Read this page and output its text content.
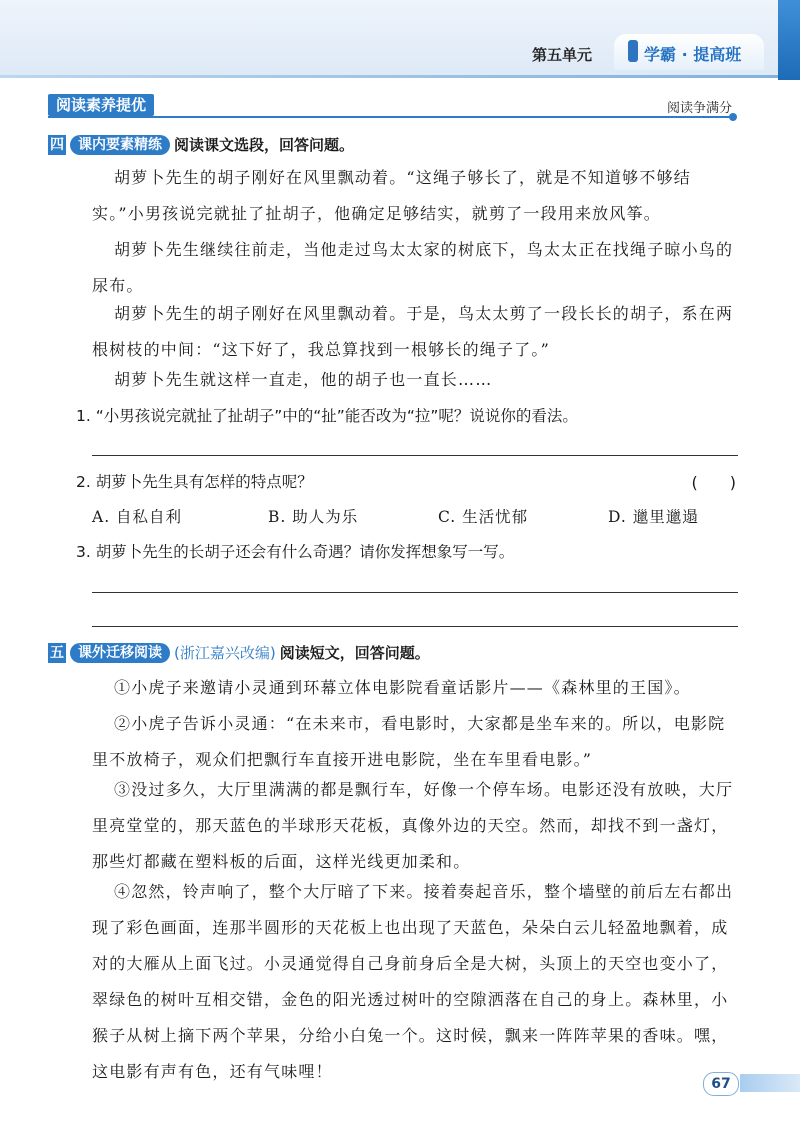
第五单元	学霸 · 提高班
阅读素养提优	阅读争满分
四	课内要素精练 阅读课文选段，回答问题。

胡萝卜先生的胡子刚好在风里飘动着。“这绳子够长了，就是不知道够不够结实。”小男孩说完就扯了扯胡子，他确定足够结实，就剪了一段用来放风筝。

胡萝卜先生继续往前走，当他走过鸟太太家的树底下，鸟太太正在找绳子晾小鸟的尿布。

胡萝卜先生的胡子刚好在风里飘动着。于是，鸟太太剪了一段长长的胡子，系在两根树枝的中间：“这下好了，我总算找到一根够长的绳子了。”

胡萝卜先生就这样一直走，他的胡子也一直长……

1. “小男孩说完就扯了扯胡子”中的“扯”能否改为“拉”呢？说说你的看法。
2. 胡萝卜先生具有怎样的特点呢？	(　　)
A. 自私自利	B. 助人为乐	C. 生活忧郁	D. 邋里邋遢
3. 胡萝卜先生的长胡子还会有什么奇遇？请你发挥想象写一写。
五	课外迁移阅读 (浙江嘉兴改编) 阅读短文，回答问题。

①小虎子来邀请小灵通到环幕立体电影院看童话影片——《森林里的王国》。

②小虎子告诉小灵通：“在未来市，看电影时，大家都是坐车来的。所以，电影院里不放椅子，观众们把飘行车直接开进电影院，坐在车里看电影。”

③没过多久，大厅里满满的都是飘行车，好像一个停车场。电影还没有放映，大厅里亮堂堂的，那天蓝色的半球形天花板，真像外边的天空。然而，却找不到一盏灯，那些灯都藏在塑料板的后面，这样光线更加柔和。

④忽然，铃声响了，整个大厅暗了下来。接着奏起音乐，整个墙壁的前后左右都出现了彩色画面，连那半圆形的天花板上也出现了天蓝色，朵朵白云儿轻盈地飘着，成对的大雁从上面飞过。小灵通觉得自己身前身后全是大树，头顶上的天空也变小了，翠绿色的树叶互相交错，金色的阳光透过树叶的空隙洒落在自己的身上。森林里，小猴子从树上摘下两个苹果，分给小白兔一个。这时候，飘来一阵阵苹果的香味。嘿，这电影有声有色，还有气味哩！

67
